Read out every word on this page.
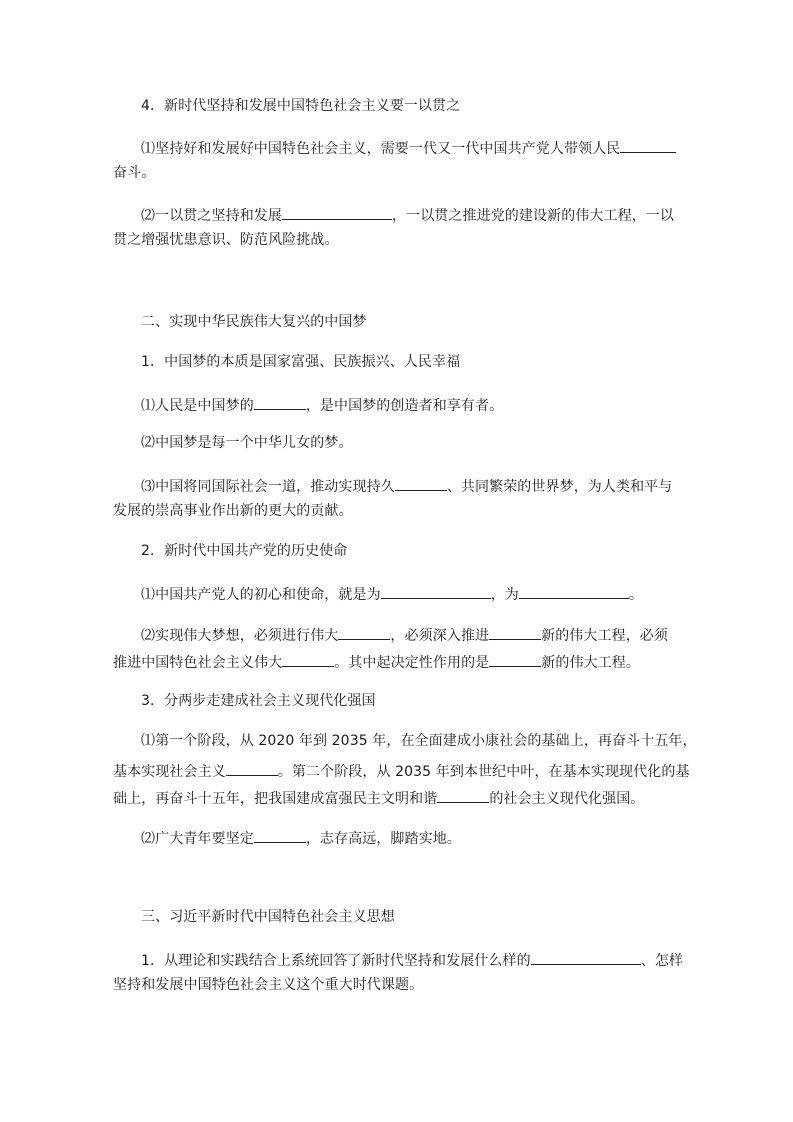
4．新时代坚持和发展中国特色社会主义要一以贯之
⑴坚持好和发展好中国特色社会主义，需要一代又一代中国共产党人带领人民
奋斗。
⑵一以贯之坚持和发展	，一以贯之推进党的建设新的伟大工程，一以
贯之增强忧患意识、防范风险挑战。
二、实现中华民族伟大复兴的中国梦
1．中国梦的本质是国家富强、民族振兴、人民幸福
⑴人民是中国梦的	，是中国梦的创造者和享有者。
⑵中国梦是每一个中华儿女的梦。
⑶中国将同国际社会一道，推动实现持久	、共同繁荣的世界梦，为人类和平与
发展的崇高事业作出新的更大的贡献。
2．新时代中国共产党的历史使命
⑴中国共产党人的初心和使命，就是为	，为	。
⑵实现伟大梦想，必须进行伟大	，必须深入推进	新的伟大工程，必须
推进中国特色社会主义伟大	。其中起决定性作用的是	新的伟大工程。
3．分两步走建成社会主义现代化强国
⑴第一个阶段，从 2020 年到 2035 年，在全面建成小康社会的基础上，再奋斗十五年，
基本实现社会主义	。第二个阶段，从 2035 年到本世纪中叶，在基本实现现代化的基
础上，再奋斗十五年，把我国建成富强民主文明和谐	的社会主义现代化强国。
⑵广大青年要坚定	，志存高远，脚踏实地。
三、习近平新时代中国特色社会主义思想
1．从理论和实践结合上系统回答了新时代坚持和发展什么样的	、怎样
坚持和发展中国特色社会主义这个重大时代课题。
